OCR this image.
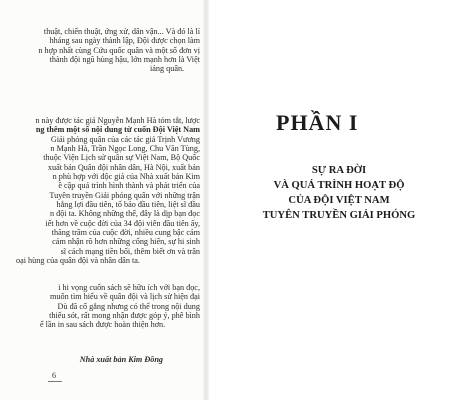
thuật, chiến thuật, ứng xử, dân vận... Và đó là lí
hháng sau ngày thành lập, Đội được chọn làm
n hợp nhất cùng Cứu quốc quân và một số đơn vị
thành đội ngũ hùng hậu, lớn mạnh hơn là Việt
iảng quân.
n này được tác giả Nguyễn Mạnh Hà tóm tắt, lược
ng thêm một số nội dung từ cuốn Đội Việt Nam
Giải phóng quân của các tác giả Trịnh Vương
n Mạnh Hà, Trần Ngọc Long, Chu Văn Tùng,
thuộc Viện Lịch sử quân sự Việt Nam, Bộ Quốc
xuất bản Quân đội nhân dân, Hà Nội, xuất bản
n phù hợp với độc giả của Nhà xuất bản Kim
ề cập quá trình hình thành và phát triển của
Tuyên truyền Giải phóng quân với những trận
hắng lợi đầu tiên, tổ bảo đầu tiên, liệt sĩ đầu
n đội ta. Không những thế, đây là dịp bạn đọc
iết hơn về cuộc đời của 34 đội viên đầu tiên ấy,
thăng trầm của cuộc đời, nhiều cung bậc cảm
cảm nhận rõ hơn những cống hiến, sự hi sinh
sĩ cách mạng tiền bối, thêm biết ơn và trân
oại hùng của quân đội và nhân dân ta.
i hi vọng cuốn sách sẽ hữu ích với bạn đọc,
muốn tìm hiểu về quân đội và lịch sử hiện đại
Dù đã cố gắng nhưng có thể trong nội dung
thiếu sót, rất mong nhận được góp ý, phê bình
ể lần in sau sách được hoàn thiện hơn.
Nhà xuất bản Kim Đồng
6
PHẦN I
SỰ RA ĐỜI
VÀ QUÁ TRÌNH HOẠT ĐỘ
CỦA ĐỘI VIỆT NAM
TUYÊN TRUYỀN GIẢI PHÓNG
